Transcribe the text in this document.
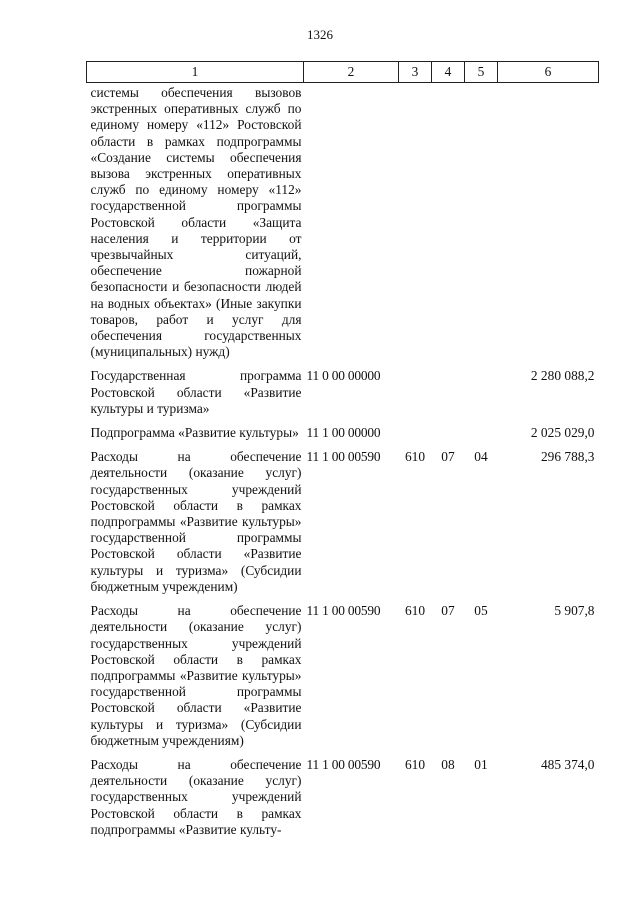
1326
1	2	3	4	5	6
системы обеспечения вызовов экстренных оперативных служб по единому номеру «112» Ростовской области в рамках подпрограммы «Создание системы обеспечения вызова экстренных оперативных служб по единому номеру «112» государственной программы Ростовской области «Защита населения и территории от чрезвычайных ситуаций, обеспечение пожарной безопасности и безопасности людей на водных объектах» (Иные закупки товаров, работ и услуг для обеспечения государственных (муниципальных) нужд)					
Государственная программа Ростовской области «Развитие культуры и туризма»	11 0 00 00000				2 280 088,2
Подпрограмма «Развитие культуры»	11 1 00 00000				2 025 029,0
Расходы на обеспечение деятельности (оказание услуг) государственных учреждений Ростовской области в рамках подпрограммы «Развитие культуры» государственной программы Ростовской области «Развитие культуры и туризма» (Субсидии бюджетным учрежденим)	11 1 00 00590	610	07	04	296 788,3
Расходы на обеспечение деятельности (оказание услуг) государственных учреждений Ростовской области в рамках подпрограммы «Развитие культуры» государственной программы Ростовской области «Развитие культуры и туризма» (Субсидии бюджетным учреждениям)	11 1 00 00590	610	07	05	5 907,8
Расходы на обеспечение деятельности (оказание услуг) государственных учреждений Ростовской области в рамках подпрограммы «Развитие культу-	11 1 00 00590	610	08	01	485 374,0
